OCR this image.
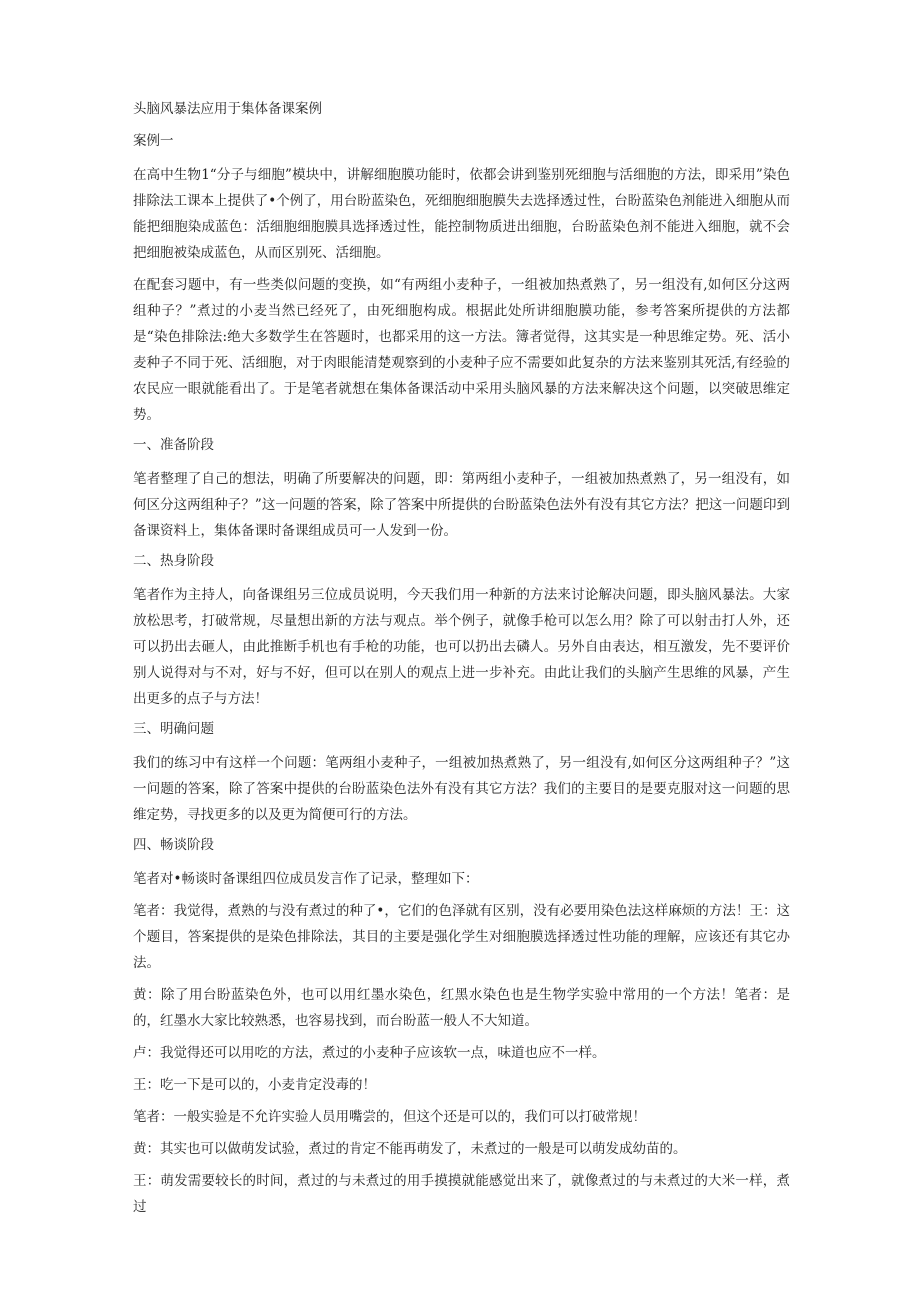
头脑风暴法应用于集体备课案例
案例一

在高中生物1“分子与细胞”模块中，讲解细胞膜功能时，依都会讲到鉴别死细胞与活细胞的方法，即采用”染色排除法工课本上提供了•个例了，用台盼蓝染色，死细胞细胞膜失去选择透过性，台盼蓝染色剂能进入细胞从而能把细胞染成蓝色：活细胞细胞膜具选择透过性，能控制物质进出细胞，台盼蓝染色剂不能进入细胞，就不会把细胞被染成蓝色，从而区别死、活细胞。

在配套习题中，有一些类似问题的变换，如“有两组小麦种子，一组被加热煮熟了，另一组没有,如何区分这两组种子？”煮过的小麦当然已经死了，由死细胞构成。根据此处所讲细胞膜功能，参考答案所提供的方法都是“染色排除法:绝大多数学生在答题时，也都采用的这一方法。簿者觉得，这其实是一种思维定势。死、活小麦种子不同于死、活细胞，对于肉眼能清楚观察到的小麦种子应不需要如此复杂的方法来鉴别其死活,有经验的农民应一眼就能看出了。于是笔者就想在集体备课活动中采用头脑风暴的方法来解决这个问题，以突破思维定势。

一、准备阶段

笔者整理了自己的想法，明确了所要解决的问题，即：第两组小麦种子，一组被加热煮熟了，另一组没有，如何区分这两组种子？”这一问题的答案，除了答案中所提供的台盼蓝染色法外有没有其它方法？把这一问题印到备课资料上，集体备课时备课组成员可一人发到一份。

二、热身阶段

笔者作为主持人，向备课组另三位成员说明，今天我们用一种新的方法来讨论解决问题，即头脑风暴法。大家放松思考，打破常规，尽量想出新的方法与观点。举个例子，就像手枪可以怎么用？除了可以射击打人外，还可以扔出去砸人，由此推断手机也有手枪的功能，也可以扔出去磷人。另外自由表达，相互激发，先不要评价别人说得对与不对，好与不好，但可以在别人的观点上进一步补充。由此让我们的头脑产生思维的风暴，产生出更多的点子与方法！

三、明确问题

我们的练习中有这样一个问题：笔两组小麦种子，一组被加热煮熟了，另一组没有,如何区分这两组种子？”这一问题的答案，除了答案中提供的台盼蓝染色法外有没有其它方法？我们的主要目的是要克服对这一问题的思维定势，寻找更多的以及更为简便可行的方法。

四、畅谈阶段

笔者对•畅谈时备课组四位成员发言作了记录，整理如下：

笔者：我觉得，煮熟的与没有煮过的种了•，它们的色泽就有区别，没有必要用染色法这样麻烦的方法！王：这个题目，答案提供的是染色排除法，其目的主要是强化学生对细胞膜选择透过性功能的理解，应该还有其它办法。

黄：除了用台盼蓝染色外，也可以用红墨水染色，红黑水染色也是生物学实验中常用的一个方法！笔者：是的，红墨水大家比较熟悉，也容易找到，而台盼蓝一般人不大知道。

卢：我觉得还可以用吃的方法，煮过的小麦种子应该软一点，味道也应不一样。

王：吃一下是可以的，小麦肯定没毒的！

笔者：一般实验是不允许实验人员用嘴尝的，但这个还是可以的，我们可以打破常规！

黄：其实也可以做萌发试验，煮过的肯定不能再萌发了，未煮过的一般是可以萌发成幼苗的。

王：萌发需要较长的时间，煮过的与未煮过的用手摸摸就能感觉出来了，就像煮过的与未煮过的大米一样，煮过
